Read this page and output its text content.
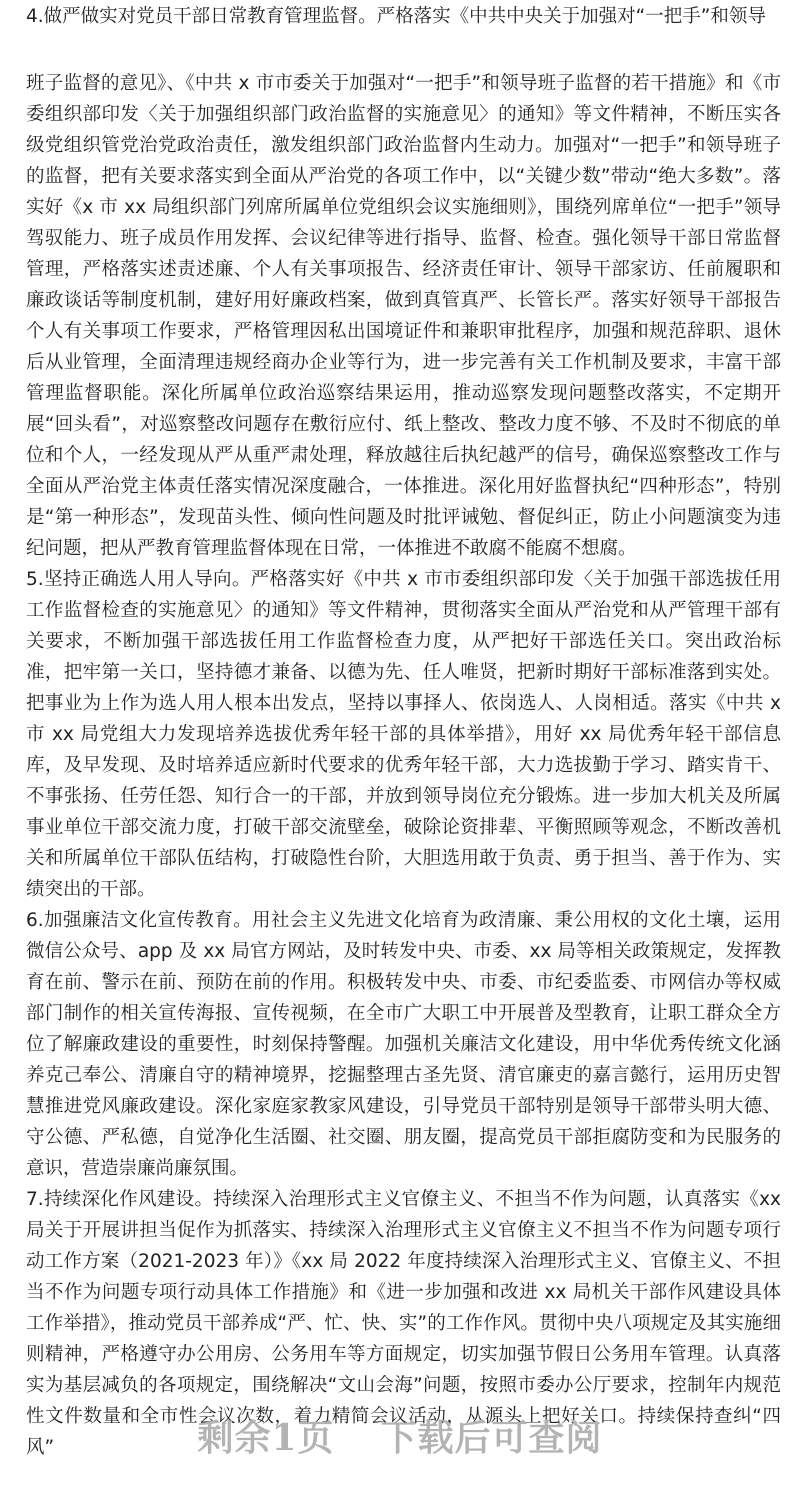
4.做严做实对党员干部日常教育管理监督。严格落实《中共中央关于加强对“一把手”和领导

班子监督的意见》、《中共 x 市市委关于加强对“一把手”和领导班子监督的若干措施》和《市委组织部印发〈关于加强组织部门政治监督的实施意见〉的通知》等文件精神，不断压实各级党组织管党治党政治责任，激发组织部门政治监督内生动力。加强对“一把手”和领导班子的监督，把有关要求落实到全面从严治党的各项工作中，以“关键少数”带动“绝大多数”。落实好《x 市 xx 局组织部门列席所属单位党组织会议实施细则》，围绕列席单位“一把手”领导驾驭能力、班子成员作用发挥、会议纪律等进行指导、监督、检查。强化领导干部日常监督管理，严格落实述责述廉、个人有关事项报告、经济责任审计、领导干部家访、任前履职和廉政谈话等制度机制，建好用好廉政档案，做到真管真严、长管长严。落实好领导干部报告个人有关事项工作要求，严格管理因私出国境证件和兼职审批程序，加强和规范辞职、退休后从业管理，全面清理违规经商办企业等行为，进一步完善有关工作机制及要求，丰富干部管理监督职能。深化所属单位政治巡察结果运用，推动巡察发现问题整改落实，不定期开展“回头看”，对巡察整改问题存在敷衍应付、纸上整改、整改力度不够、不及时不彻底的单位和个人，一经发现从严从重严肃处理，释放越往后执纪越严的信号，确保巡察整改工作与全面从严治党主体责任落实情况深度融合，一体推进。深化用好监督执纪“四种形态”，特别是“第一种形态”，发现苗头性、倾向性问题及时批评诫勉、督促纠正，防止小问题演变为违纪问题，把从严教育管理监督体现在日常，一体推进不敢腐不能腐不想腐。

5.坚持正确选人用人导向。严格落实好《中共 x 市市委组织部印发〈关于加强干部选拔任用工作监督检查的实施意见〉的通知》等文件精神，贯彻落实全面从严治党和从严管理干部有关要求，不断加强干部选拔任用工作监督检查力度，从严把好干部选任关口。突出政治标准，把牢第一关口，坚持德才兼备、以德为先、任人唯贤，把新时期好干部标准落到实处。把事业为上作为选人用人根本出发点，坚持以事择人、依岗选人、人岗相适。落实《中共 x 市 xx 局党组大力发现培养选拔优秀年轻干部的具体举措》，用好 xx 局优秀年轻干部信息库，及早发现、及时培养适应新时代要求的优秀年轻干部，大力选拔勤于学习、踏实肯干、不事张扬、任劳任怨、知行合一的干部，并放到领导岗位充分锻炼。进一步加大机关及所属事业单位干部交流力度，打破干部交流壁垒，破除论资排辈、平衡照顾等观念，不断改善机关和所属单位干部队伍结构，打破隐性台阶，大胆选用敢于负责、勇于担当、善于作为、实绩突出的干部。

6.加强廉洁文化宣传教育。用社会主义先进文化培育为政清廉、秉公用权的文化土壤，运用微信公众号、app 及 xx 局官方网站，及时转发中央、市委、xx 局等相关政策规定，发挥教育在前、警示在前、预防在前的作用。积极转发中央、市委、市纪委监委、市网信办等权威部门制作的相关宣传海报、宣传视频，在全市广大职工中开展普及型教育，让职工群众全方位了解廉政建设的重要性，时刻保持警醒。加强机关廉洁文化建设，用中华优秀传统文化涵养克己奉公、清廉自守的精神境界，挖掘整理古圣先贤、清官廉吏的嘉言懿行，运用历史智慧推进党风廉政建设。深化家庭家教家风建设，引导党员干部特别是领导干部带头明大德、守公德、严私德，自觉净化生活圈、社交圈、朋友圈，提高党员干部拒腐防变和为民服务的意识，营造崇廉尚廉氛围。

7.持续深化作风建设。持续深入治理形式主义官僚主义、不担当不作为问题，认真落实《xx 局关于开展讲担当促作为抓落实、持续深入治理形式主义官僚主义不担当不作为问题专项行动工作方案（2021-2023 年）》《xx 局 2022 年度持续深入治理形式主义、官僚主义、不担当不作为问题专项行动具体工作措施》和《进一步加强和改进 xx 局机关干部作风建设具体工作举措》，推动党员干部养成“严、忙、快、实”的工作作风。贯彻中央八项规定及其实施细则精神，严格遵守办公用房、公务用车等方面规定，切实加强节假日公务用车管理。认真落实为基层减负的各项规定，围绕解决“文山会海”问题，按照市委办公厅要求，控制年内规范性文件数量和全市性会议次数，着力精简会议活动，从源头上把好关口。持续保持查纠“四风”	剩余1页 下载后可查阅
